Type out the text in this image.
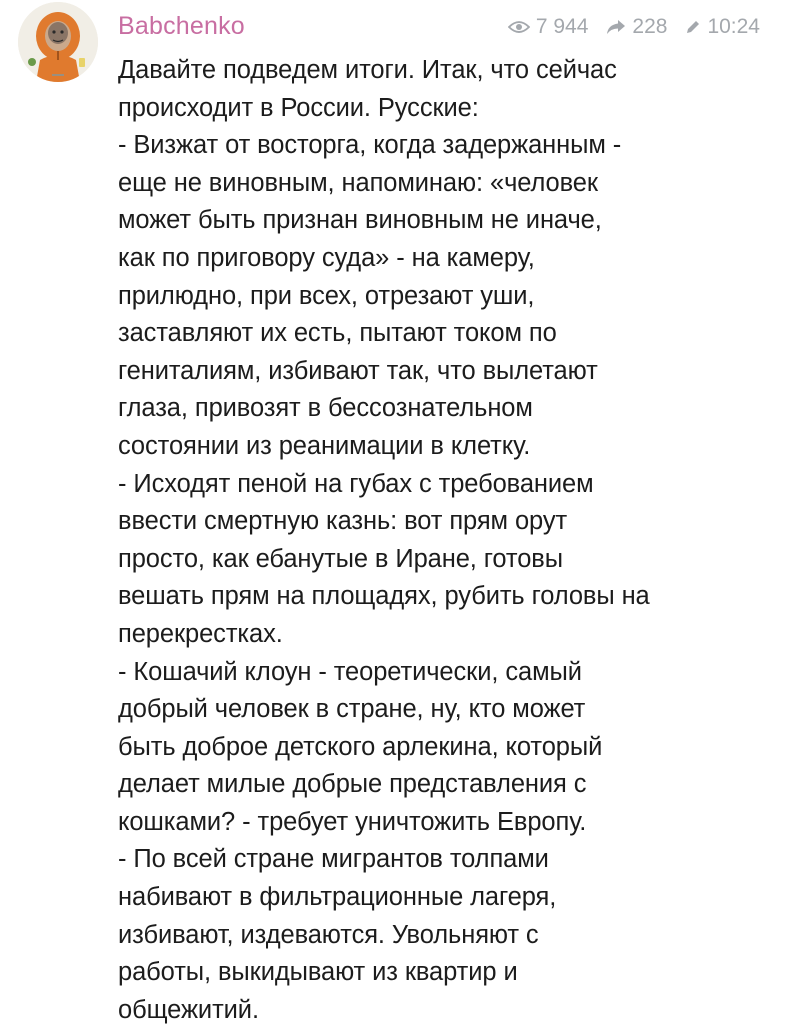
Babchenko	7 944 228 10:24
Давайте подведем итоги. Итак, что сейчас
происходит в России. Русские:
- Визжат от восторга, когда задержанным -
еще не виновным, напоминаю: «человек
может быть признан виновным не иначе,
как по приговору суда» - на камеру,
прилюдно, при всех, отрезают уши,
заставляют их есть, пытают током по
гениталиям, избивают так, что вылетают
глаза, привозят в бессознательном
состоянии из реанимации в клетку.
- Исходят пеной на губах с требованием
ввести смертную казнь: вот прям орут
просто, как ебанутые в Иране, готовы
вешать прям на площадях, рубить головы на
перекрестках.
- Кошачий клоун - теоретически, самый
добрый человек в стране, ну, кто может
быть доброе детского арлекина, который
делает милые добрые представления с
кошками? - требует уничтожить Европу.
- По всей стране мигрантов толпами
набивают в фильтрационные лагеря,
избивают, издеваются. Увольняют с
работы, выкидывают из квартир и
общежитий.
